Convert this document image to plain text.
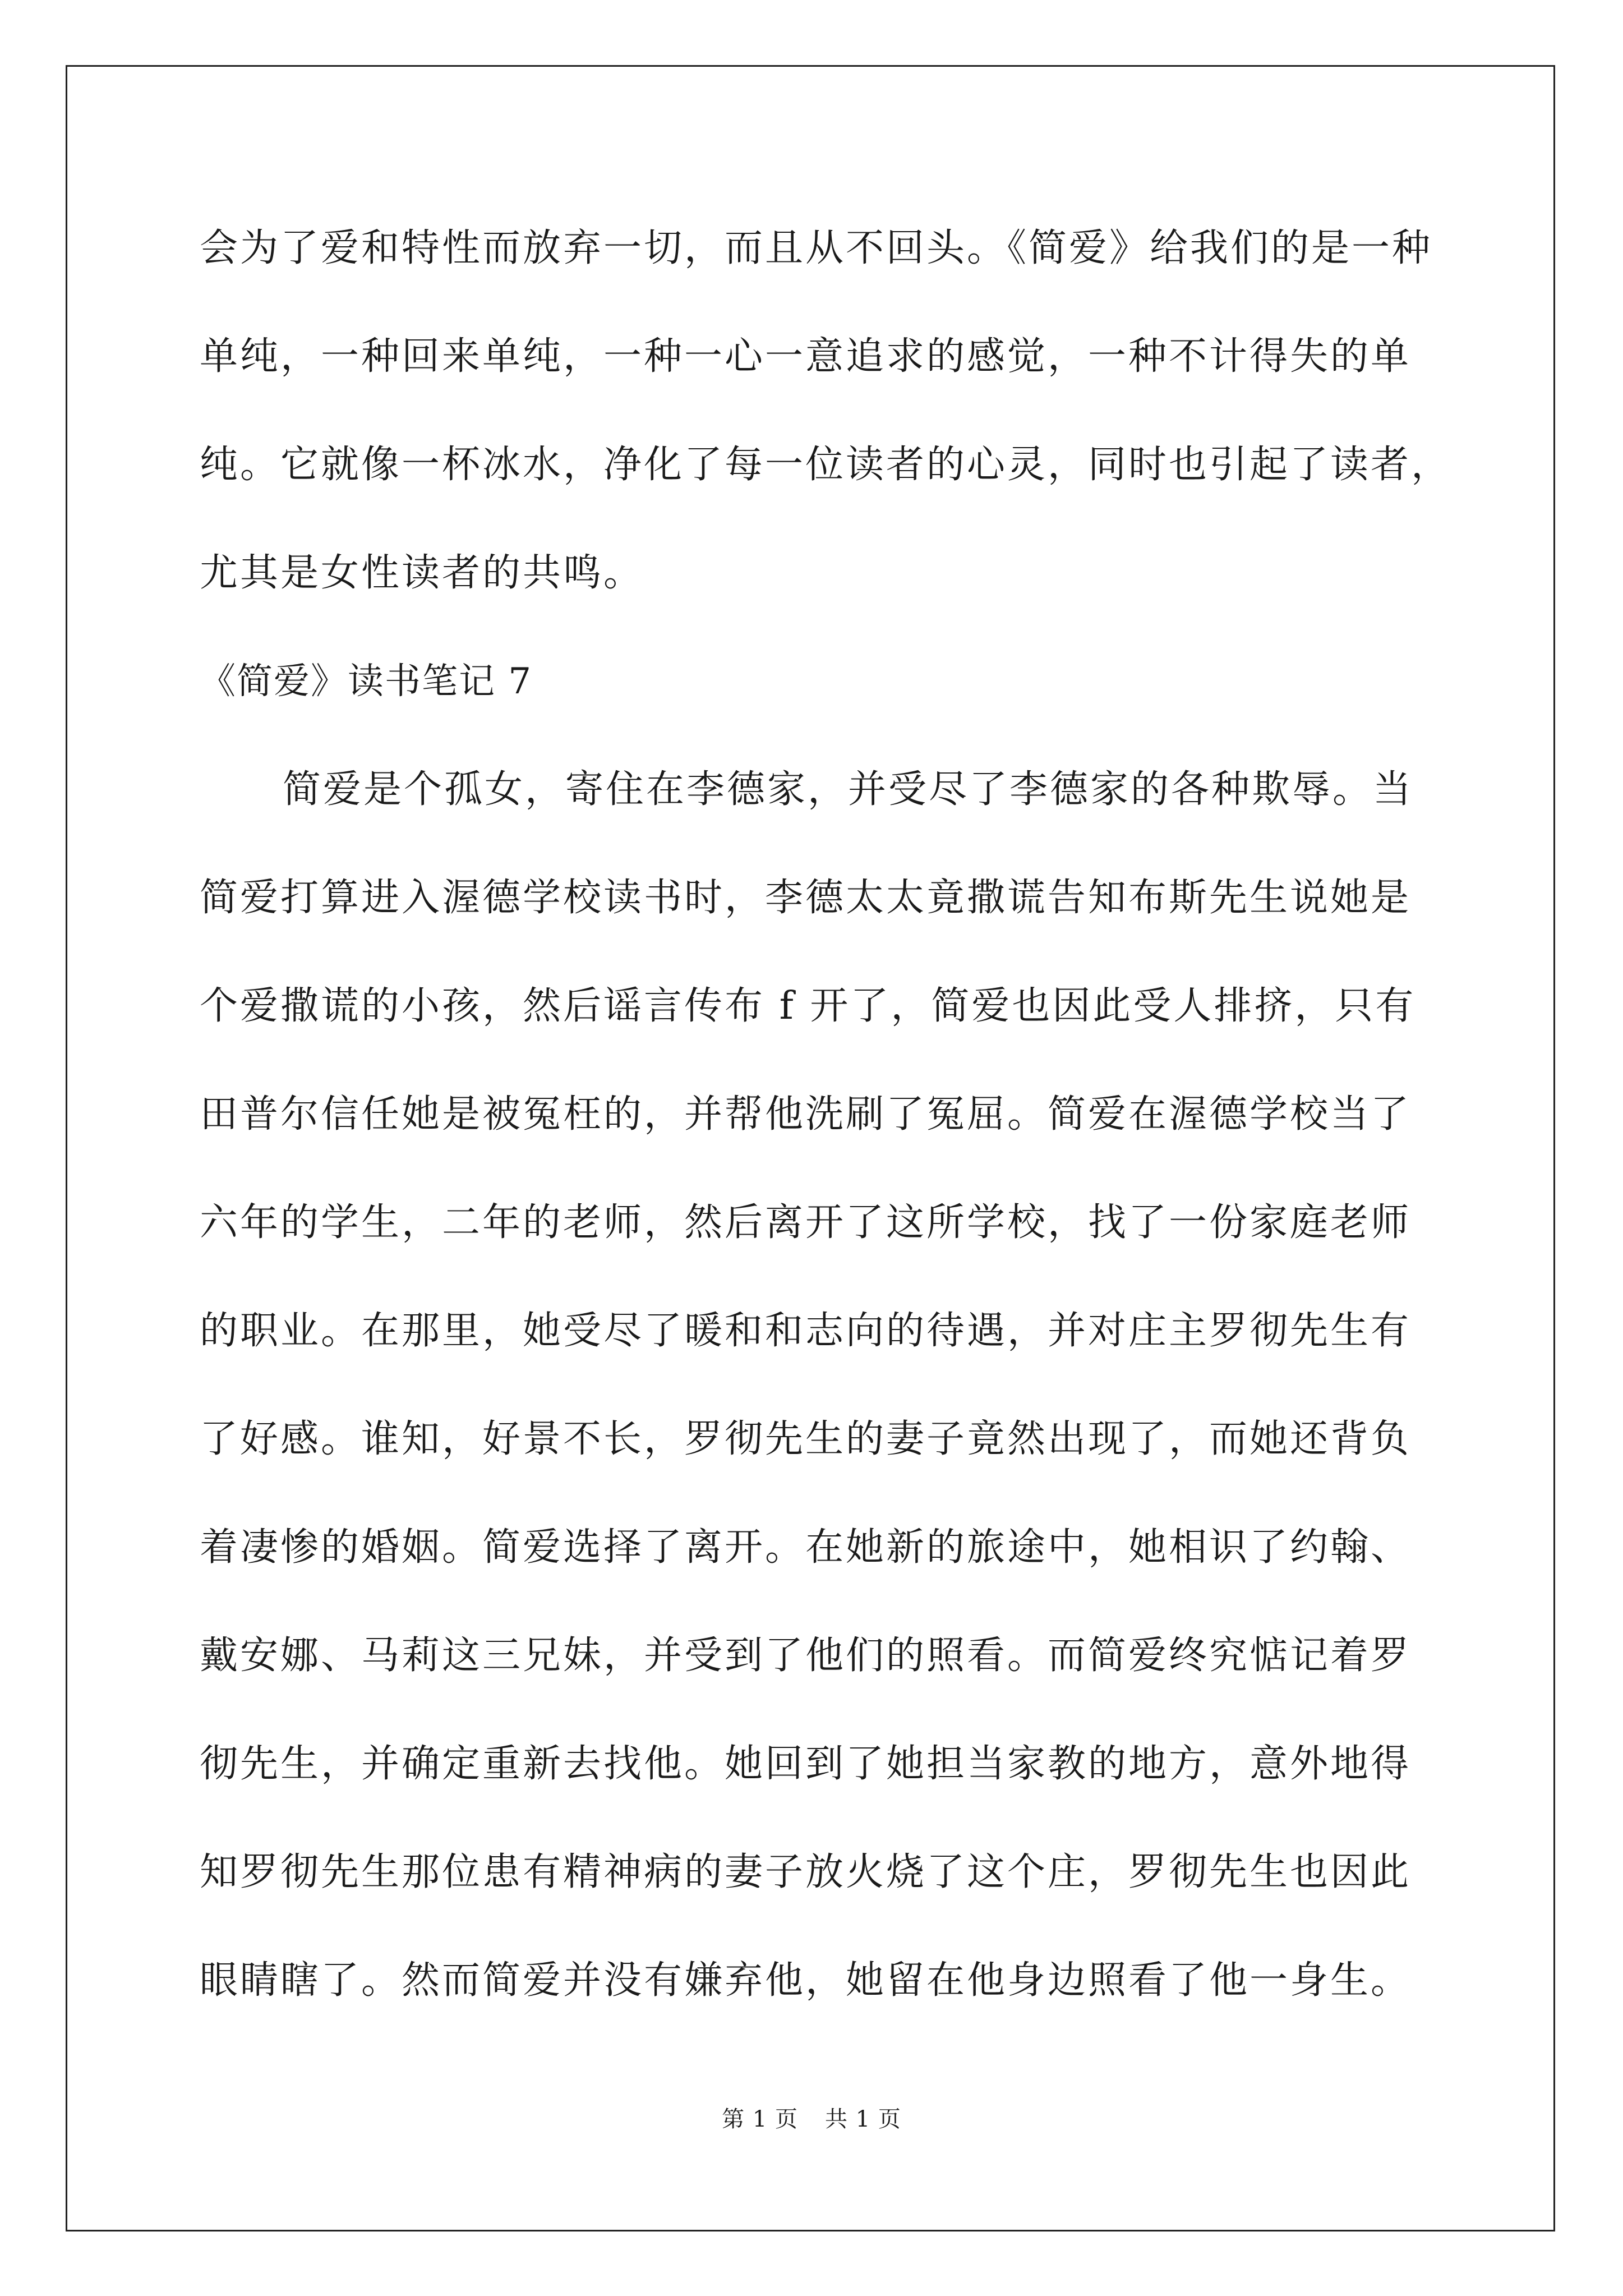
会为了爱和特性而放弃一切，而且从不回头。《简爱》给我们的是一种
单纯，一种回来单纯，一种一心一意追求的感觉，一种不计得失的单
纯。它就像一杯冰水，净化了每一位读者的心灵，同时也引起了读者，
尤其是女性读者的共鸣。
《简爱》读书笔记 7
简爱是个孤女，寄住在李德家，并受尽了李德家的各种欺辱。当
简爱打算进入渥德学校读书时，李德太太竟撒谎告知布斯先生说她是
个爱撒谎的小孩，然后谣言传布 f 开了，简爱也因此受人排挤，只有
田普尔信任她是被冤枉的，并帮他洗刷了冤屈。简爱在渥德学校当了
六年的学生，二年的老师，然后离开了这所学校，找了一份家庭老师
的职业。在那里，她受尽了暖和和志向的待遇，并对庄主罗彻先生有
了好感。谁知，好景不长，罗彻先生的妻子竟然出现了，而她还背负
着凄惨的婚姻。简爱选择了离开。在她新的旅途中，她相识了约翰、
戴安娜、马莉这三兄妹，并受到了他们的照看。而简爱终究惦记着罗
彻先生，并确定重新去找他。她回到了她担当家教的地方，意外地得
知罗彻先生那位患有精神病的妻子放火烧了这个庄，罗彻先生也因此
眼睛瞎了。然而简爱并没有嫌弃他，她留在他身边照看了他一身生。
第 1 页 共 1 页
